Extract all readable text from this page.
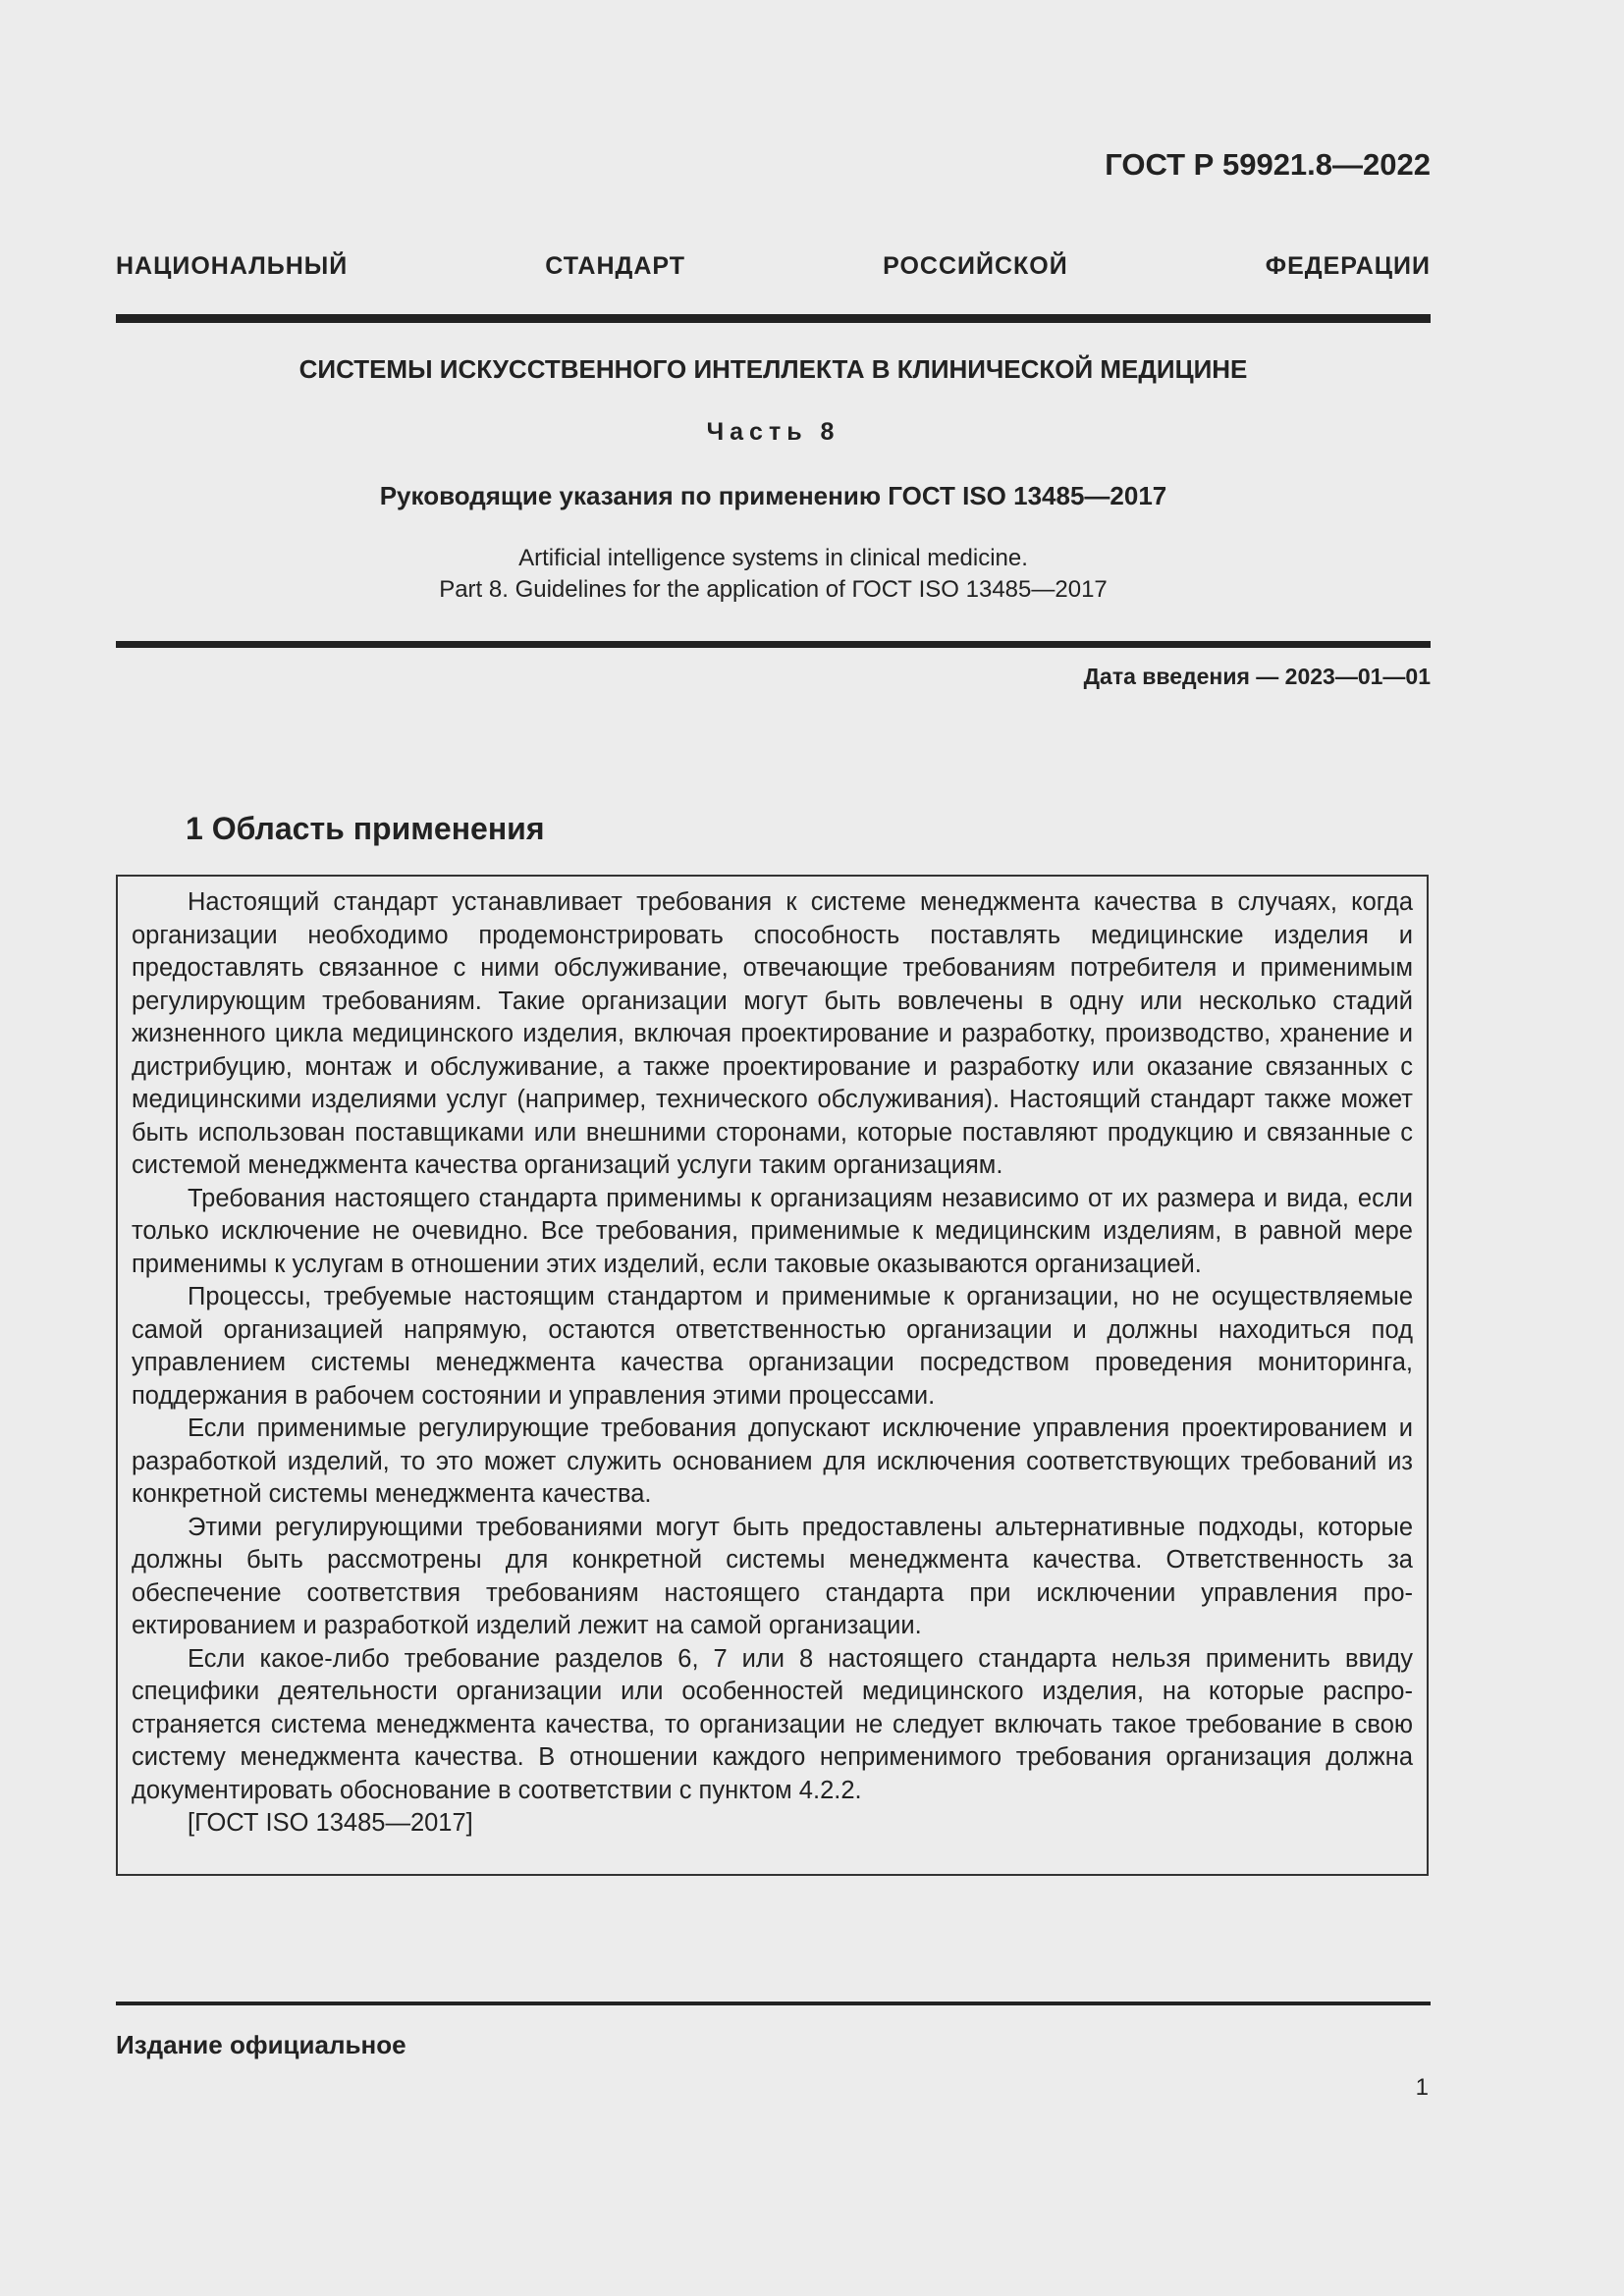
ГОСТ Р 59921.8—2022
НАЦИОНАЛЬНЫЙ СТАНДАРТ РОССИЙСКОЙ ФЕДЕРАЦИИ
СИСТЕМЫ ИСКУССТВЕННОГО ИНТЕЛЛЕКТА В КЛИНИЧЕСКОЙ МЕДИЦИНЕ
Часть 8
Руководящие указания по применению ГОСТ ISO 13485—2017
Artificial intelligence systems in clinical medicine.
Part 8. Guidelines for the application of ГОСТ ISO 13485—2017
Дата введения — 2023—01—01
1 Область применения

Настоящий стандарт устанавливает требования к системе менеджмента качества в случаях, когда организации необходимо продемонстрировать способность поставлять медицинские изделия и предоставлять связанное с ними обслуживание, отвечающие требованиям потребителя и применимым регулирующим требованиям. Такие организации могут быть вовлечены в одну или несколько стадий жизненного цикла медицинского изделия, включая проектирование и разработку, производство, хранение и дистрибуцию, монтаж и обслуживание, а также проектирование и разработку или оказание связанных с медицинскими изделиями услуг (например, технического обслуживания). Настоящий стандарт также может быть использован поставщиками или внешними сторонами, которые поставляют продукцию и связанные с системой менеджмента качества организаций услуги таким организациям.

Требования настоящего стандарта применимы к организациям независимо от их размера и вида, если только исключение не очевидно. Все требования, применимые к медицинским изделиям, в равной мере применимы к услугам в отношении этих изделий, если таковые оказываются организацией.

Процессы, требуемые настоящим стандартом и применимые к организации, но не осуществляемые самой организацией напрямую, остаются ответственностью организации и должны находиться под управлением системы менеджмента качества организации посредством проведения мониторинга, поддержания в рабочем состоянии и управления этими процессами.

Если применимые регулирующие требования допускают исключение управления проектированием и разработкой изделий, то это может служить основанием для исключения соответствующих требований из конкретной системы менеджмента качества.

Этими регулирующими требованиями могут быть предоставлены альтернативные подходы, которые должны быть рассмотрены для конкретной системы менеджмента качества. Ответственность за обеспечение соответствия требованиям настоящего стандарта при исключении управления проектированием и разработкой изделий лежит на самой организации.

Если какое-либо требование разделов 6, 7 или 8 настоящего стандарта нельзя применить ввиду специфики деятельности организации или особенностей медицинского изделия, на которые распространяется система менеджмента качества, то организации не следует включать такое требование в свою систему менеджмента качества. В отношении каждого неприменимого требования организация должна документировать обоснование в соответствии с пунктом 4.2.2.

[ГОСТ ISO 13485—2017]

Издание официальное
1
